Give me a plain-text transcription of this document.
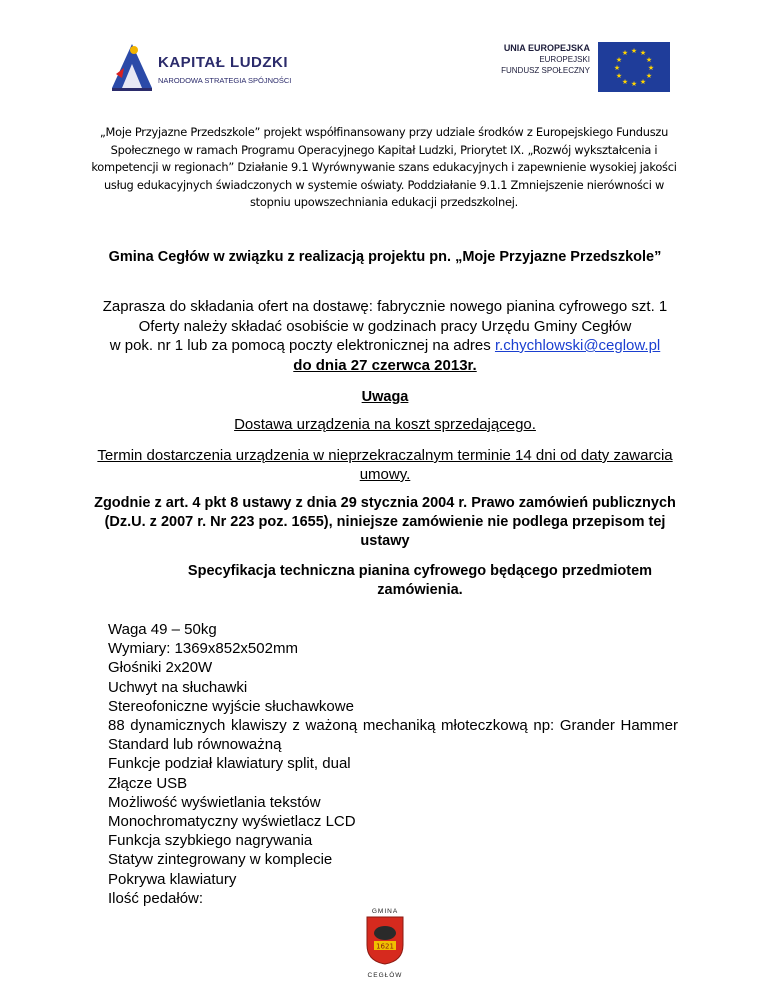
KAPITAŁ LUDZKI
NARODOWA STRATEGIA SPÓJNOŚCI
UNIA EUROPEJSKA
EUROPEJSKI
FUNDUSZ SPOŁECZNY
★ ★
★
★
★
★
★
★
★
★
★
★
„Moje Przyjazne Przedszkole” projekt współfinansowany przy udziale środków z Europejskiego Funduszu Społecznego w ramach Programu Operacyjnego Kapitał Ludzki, Priorytet IX. „Rozwój wykształcenia i kompetencji w regionach” Działanie 9.1 Wyrównywanie szans edukacyjnych i zapewnienie wysokiej jakości usług edukacyjnych świadczonych w systemie oświaty. Poddziałanie 9.1.1 Zmniejszenie nierówności w stopniu upowszechniania edukacji przedszkolnej.
Gmina Cegłów w związku z realizacją projektu pn. „Moje Przyjazne Przedszkole”
Zaprasza do składania ofert na dostawę: fabrycznie nowego pianina cyfrowego szt. 1
Oferty należy składać osobiście w godzinach pracy Urzędu Gminy Cegłów
w pok. nr 1 lub za pomocą poczty elektronicznej na adres r.chychlowski@ceglow.pl
do dnia 27 czerwca 2013r.
Uwaga
Dostawa urządzenia na koszt sprzedającego.
Termin dostarczenia urządzenia w nieprzekraczalnym terminie 14 dni od daty zawarcia umowy.
Zgodnie z art. 4 pkt 8 ustawy z dnia 29 stycznia 2004 r. Prawo zamówień publicznych (Dz.U. z 2007 r. Nr 223 poz. 1655), niniejsze zamówienie nie podlega przepisom tej ustawy
Specyfikacja techniczna pianina cyfrowego będącego przedmiotem zamówienia.
Waga 49 – 50kg
Wymiary: 1369x852x502mm
Głośniki 2x20W
Uchwyt na słuchawki
Stereofoniczne wyjście słuchawkowe
88 dynamicznych klawiszy z ważoną mechaniką młoteczkową np: Grander Hammer Standard lub równoważną
Funkcje podział klawiatury split, dual
Złącze USB
Możliwość wyświetlania tekstów
Monochromatyczny wyświetlacz LCD
Funkcja szybkiego nagrywania
Statyw zintegrowany w komplecie
Pokrywa klawiatury
Ilość pedałów:
GMINA
1621
CEGŁÓW
